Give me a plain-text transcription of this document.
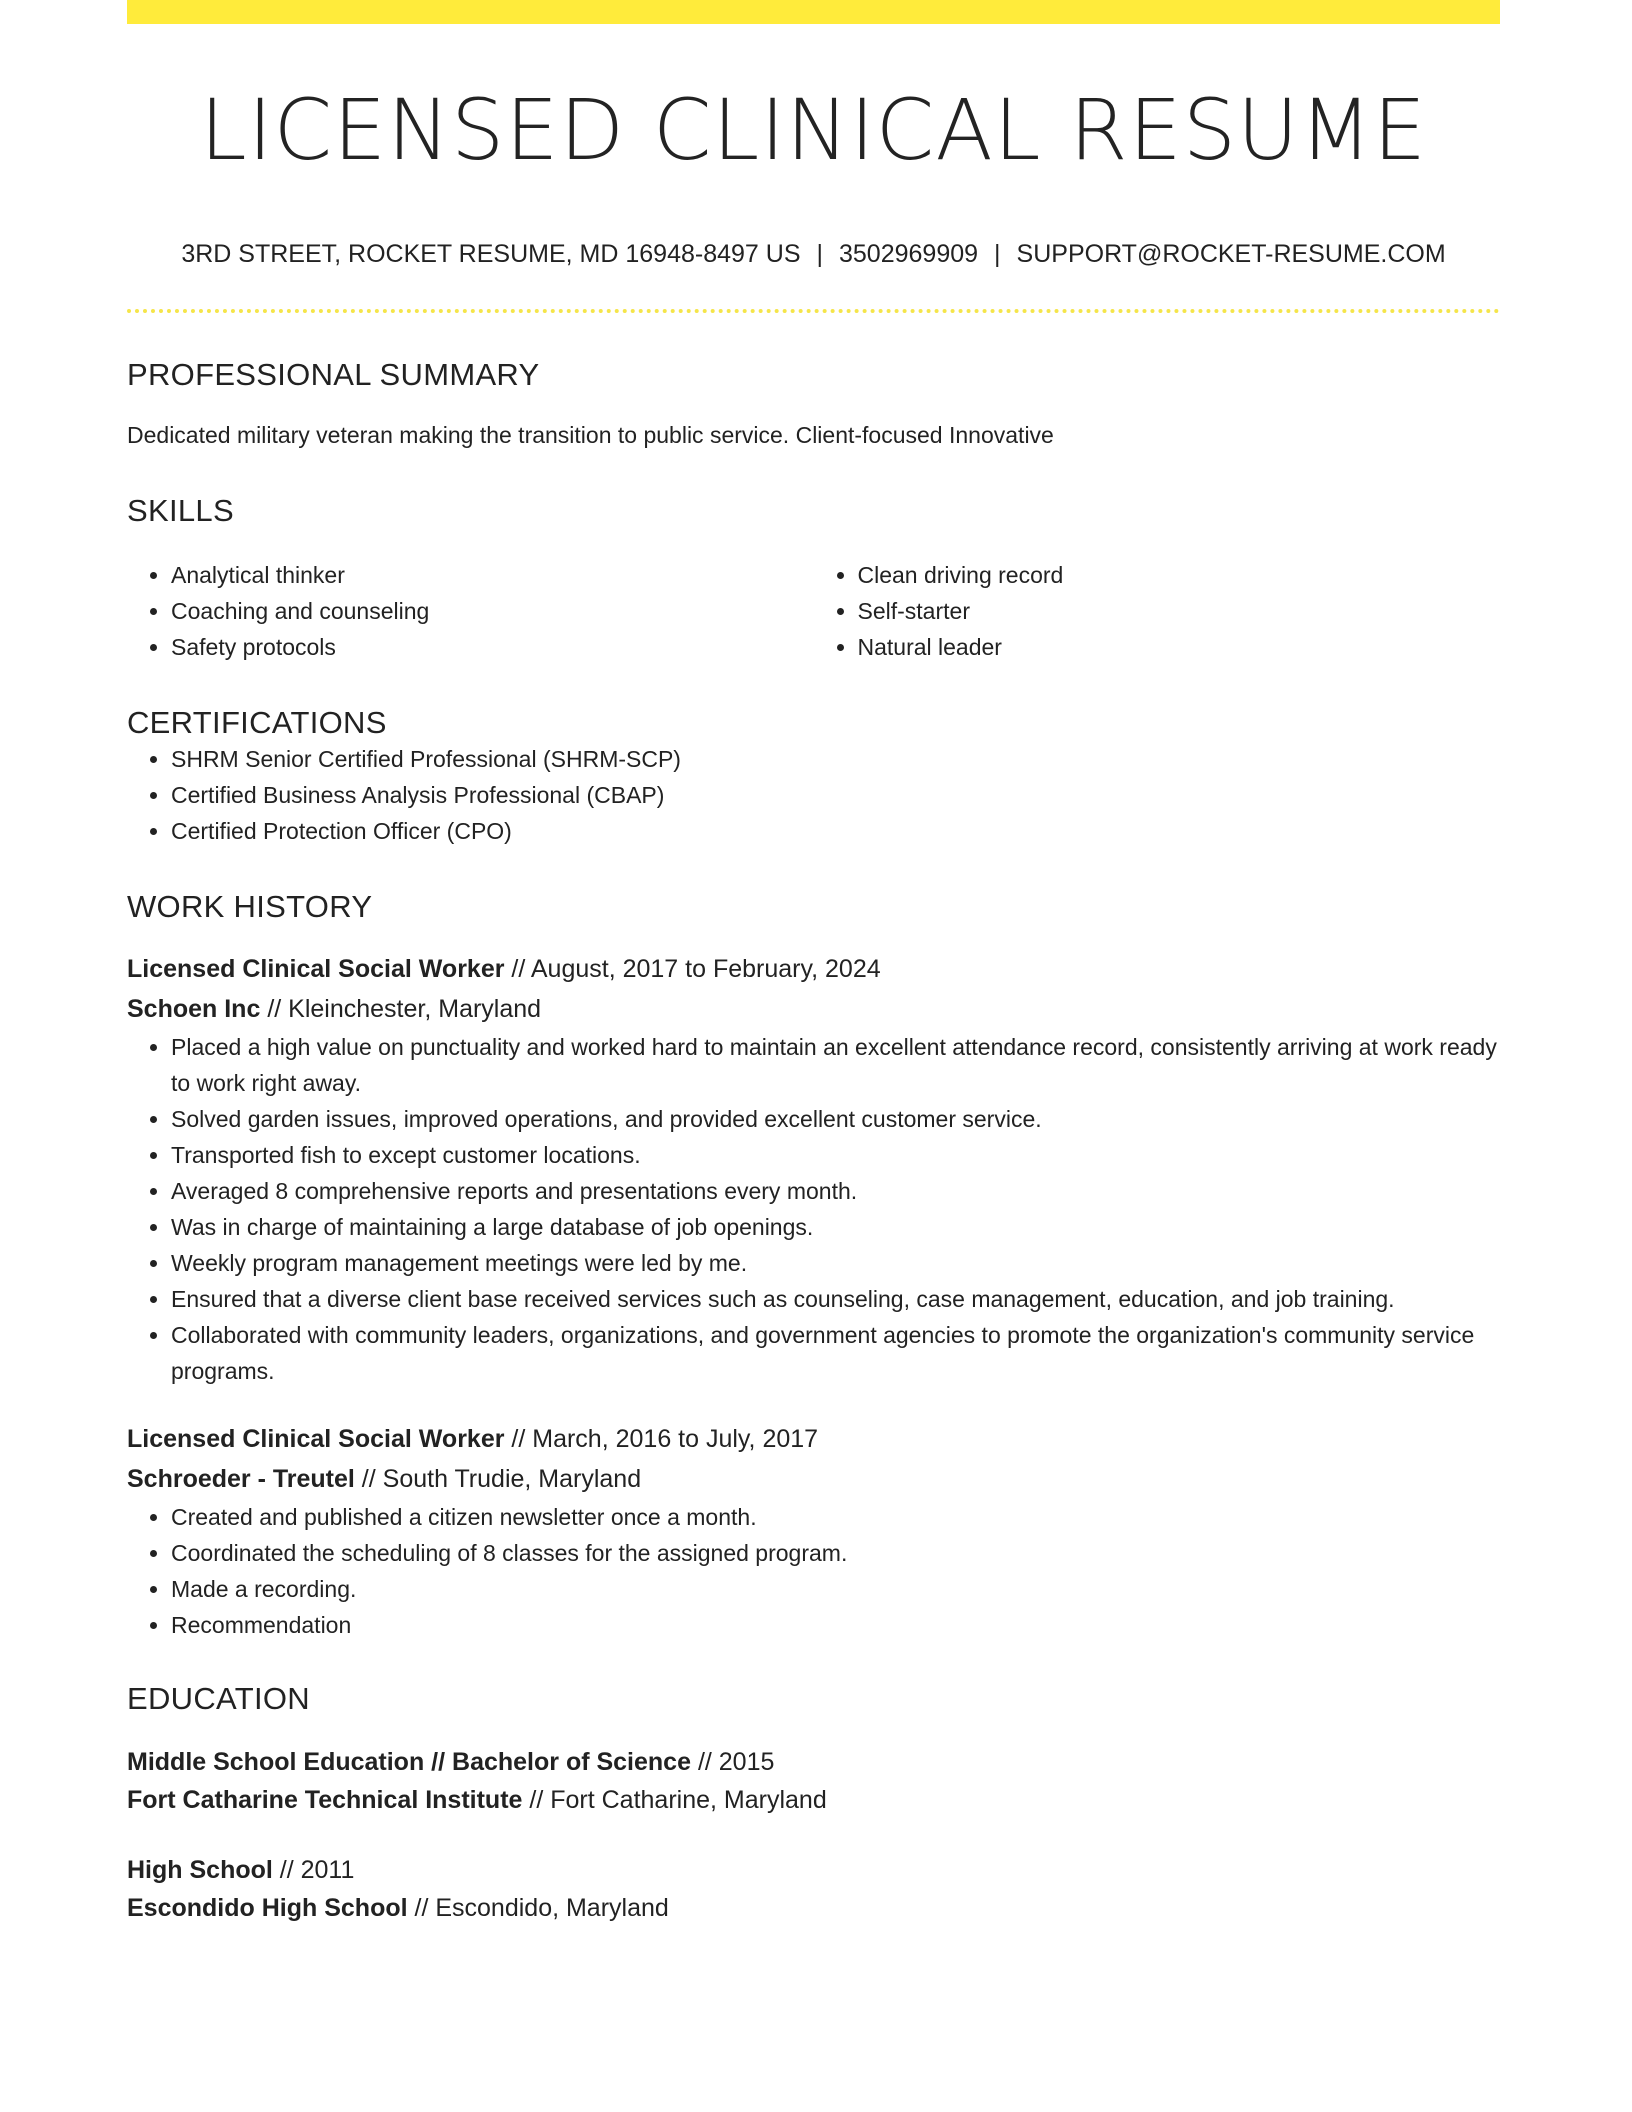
LICENSED CLINICAL RESUME
3RD STREET, ROCKET RESUME, MD 16948-8497 US | 3502969909 | SUPPORT@ROCKET-RESUME.COM
PROFESSIONAL SUMMARY
Dedicated military veteran making the transition to public service. Client-focused Innovative
SKILLS
• Analytical thinker
• Coaching and counseling
• Safety protocols
• Clean driving record
• Self-starter
• Natural leader
CERTIFICATIONS
• SHRM Senior Certified Professional (SHRM-SCP)
• Certified Business Analysis Professional (CBAP)
• Certified Protection Officer (CPO)
WORK HISTORY
Licensed Clinical Social Worker // August, 2017 to February, 2024
Schoen Inc // Kleinchester, Maryland
• Placed a high value on punctuality and worked hard to maintain an excellent attendance record, consistently arriving at work ready to work right away.
• Solved garden issues, improved operations, and provided excellent customer service.
• Transported fish to except customer locations.
• Averaged 8 comprehensive reports and presentations every month.
• Was in charge of maintaining a large database of job openings.
• Weekly program management meetings were led by me.
• Ensured that a diverse client base received services such as counseling, case management, education, and job training.
• Collaborated with community leaders, organizations, and government agencies to promote the organization's community service programs.
Licensed Clinical Social Worker // March, 2016 to July, 2017
Schroeder - Treutel // South Trudie, Maryland
• Created and published a citizen newsletter once a month.
• Coordinated the scheduling of 8 classes for the assigned program.
• Made a recording.
• Recommendation
EDUCATION
Middle School Education // Bachelor of Science // 2015
Fort Catharine Technical Institute // Fort Catharine, Maryland
High School // 2011
Escondido High School // Escondido, Maryland
